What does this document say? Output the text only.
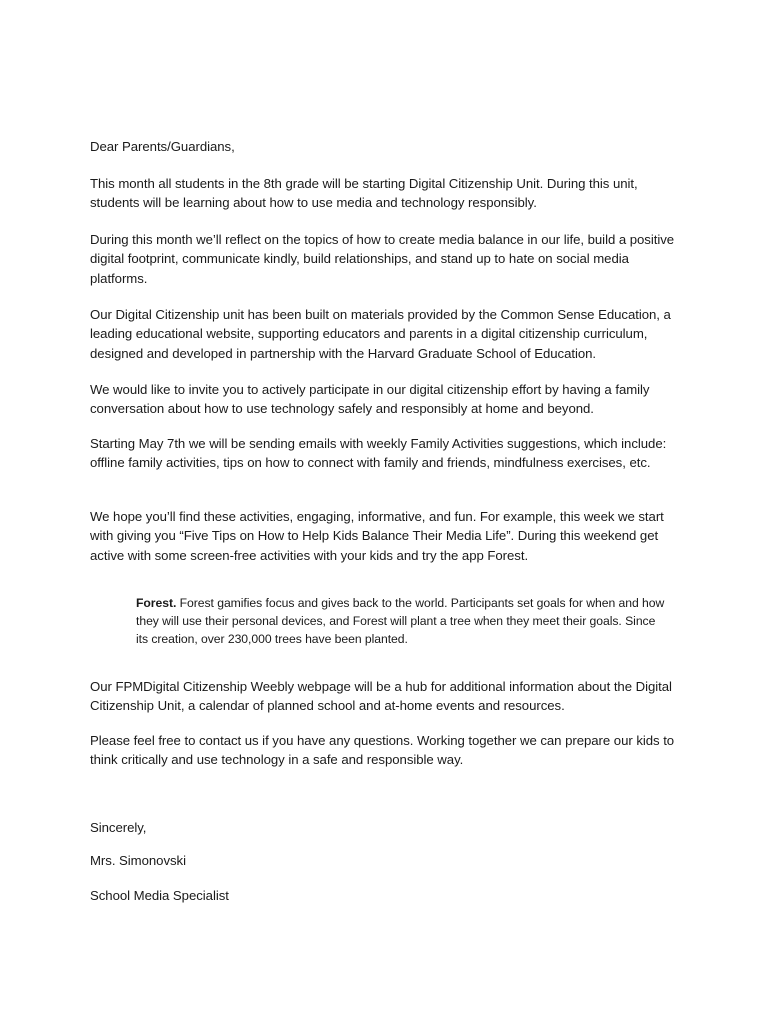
Dear Parents/Guardians,

This month all students in the 8th grade will be starting Digital Citizenship Unit. During this unit, students will be learning about how to use media and technology responsibly.

During this month we’ll reflect on the topics of how to create media balance in our life, build a positive digital footprint, communicate kindly, build relationships, and stand up to hate on social media platforms.

Our Digital Citizenship unit has been built on materials provided by the Common Sense Education, a leading educational website, supporting educators and parents in a digital citizenship curriculum, designed and developed in partnership with the Harvard Graduate School of Education.

We would like to invite you to actively participate in our digital citizenship effort by having a family conversation about how to use technology safely and responsibly at home and beyond.

Starting May 7th we will be sending emails with weekly Family Activities suggestions, which include: offline family activities, tips on how to connect with family and friends, mindfulness exercises, etc.

We hope you’ll find these activities, engaging, informative, and fun. For example, this week we start with giving you “Five Tips on How to Help Kids Balance Their Media Life”. During this weekend get active with some screen-free activities with your kids and try the app Forest.

Forest. Forest gamifies focus and gives back to the world. Participants set goals for when and how they will use their personal devices, and Forest will plant a tree when they meet their goals. Since its creation, over 230,000 trees have been planted.

Our FPMDigital Citizenship Weebly webpage will be a hub for additional information about the Digital Citizenship Unit, a calendar of planned school and at-home events and resources.

Please feel free to contact us if you have any questions. Working together we can prepare our kids to think critically and use technology in a safe and responsible way.

Sincerely,

Mrs. Simonovski

School Media Specialist
